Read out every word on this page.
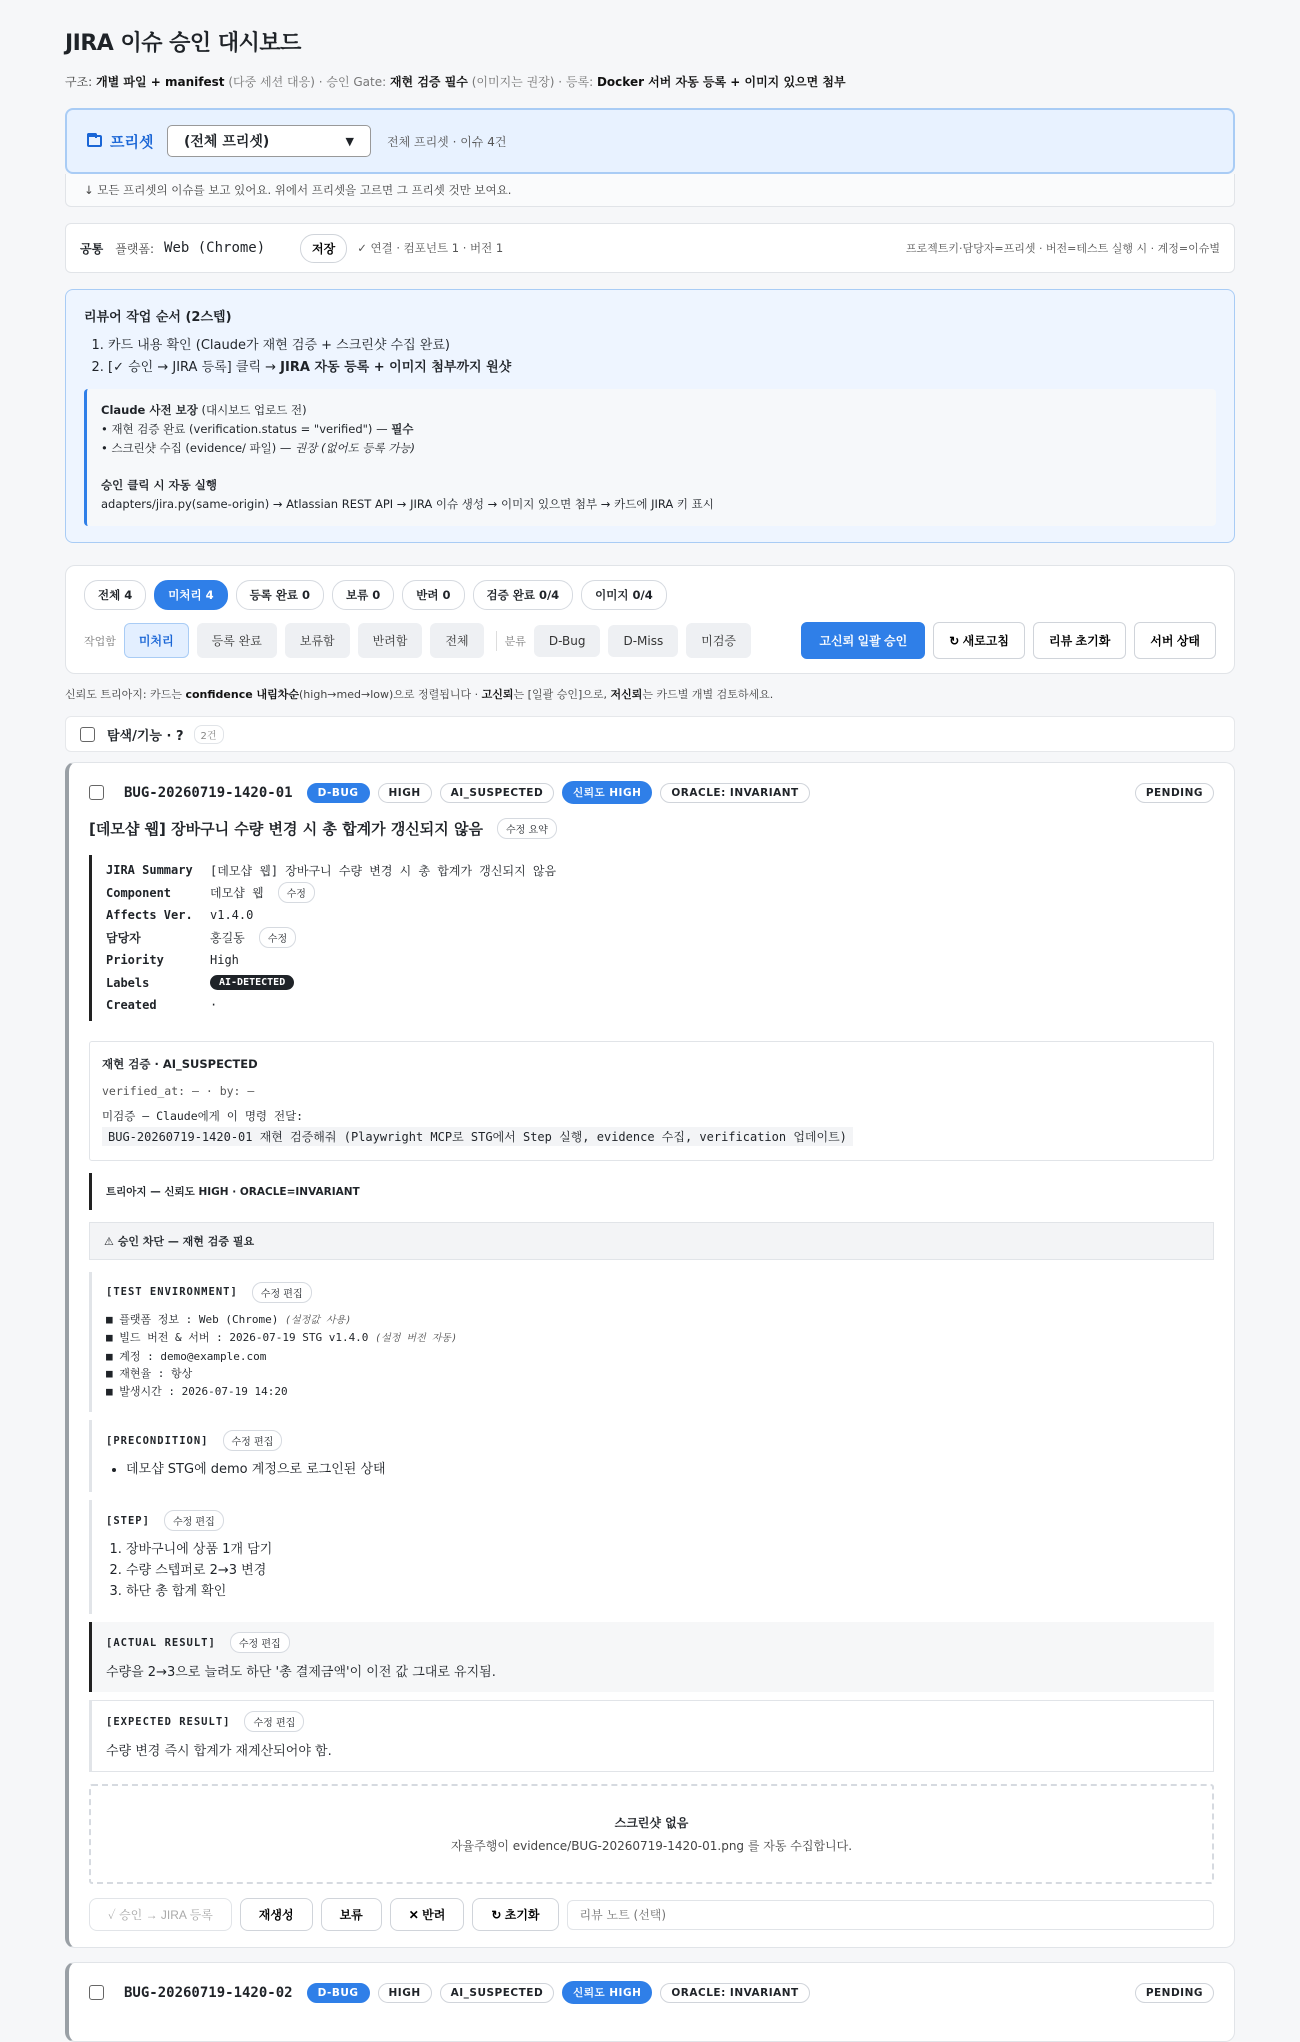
JIRA 이슈 승인 대시보드
구조: 개별 파일 + manifest (다중 세션 대응) · 승인 Gate: 재현 검증 필수 (이미지는 권장) · 등록: Docker 서버 자동 등록 + 이미지 있으면 첨부
프리셋 (전체 프리셋)	▼	전체 프리셋 · 이슈 4건
↓ 모든 프리셋의 이슈를 보고 있어요. 위에서 프리셋을 고르면 그 프리셋 것만 보여요.
공통 플랫폼: Web (Chrome)	저장	✓ 연결 · 컴포넌트 1 · 버전 1	프로젝트키·담당자=프리셋 · 버전=테스트 실행 시 · 계정=이슈별
리뷰어 작업 순서 (2스텝)
1. 카드 내용 확인 (Claude가 재현 검증 + 스크린샷 수집 완료)
2. [✓ 승인 → JIRA 등록] 클릭 → JIRA 자동 등록 + 이미지 첨부까지 원샷
Claude 사전 보장 (대시보드 업로드 전)
• 재현 검증 완료 (verification.status = "verified") — 필수
• 스크린샷 수집 (evidence/ 파일) — 권장 (없어도 등록 가능)
승인 클릭 시 자동 실행
adapters/jira.py(same-origin) → Atlassian REST API → JIRA 이슈 생성 → 이미지 있으면 첨부 → 카드에 JIRA 키 표시
전체 4	미처리 4	등록 완료 0	보류 0	반려 0	검증 완료 0/4	이미지 0/4
작업함	미처리	등록 완료	보류함	반려함	전체	분류	D-Bug	D-Miss	미검증	고신뢰 일괄 승인	↻ 새로고침	리뷰 초기화	서버 상태
신뢰도 트리아지: 카드는 confidence 내림차순(high→med→low)으로 정렬됩니다 · 고신뢰는 [일괄 승인]으로, 저신뢰는 카드별 개별 검토하세요.
탐색/기능 · ?	2건
BUG-20260719-1420-01	D-BUG	HIGH	AI_SUSPECTED	신뢰도 HIGH	ORACLE: INVARIANT	PENDING
[데모샵 웹] 장바구니 수량 변경 시 총 합계가 갱신되지 않음	수정 요약
JIRA Summary	[데모샵 웹] 장바구니 수량 변경 시 총 합계가 갱신되지 않음
Component	데모샵 웹	수정
Affects Ver.	v1.4.0
담당자	홍길동	수정
Priority	High
Labels	AI-DETECTED
Created	·
재현 검증 · AI_SUSPECTED
verified_at: — · by: —
미검증 — Claude에게 이 명령 전달:
BUG-20260719-1420-01 재현 검증해줘 (Playwright MCP로 STG에서 Step 실행, evidence 수집, verification 업데이트)
트리아지 — 신뢰도 HIGH · ORACLE=INVARIANT
⚠ 승인 차단 — 재현 검증 필요
[TEST ENVIRONMENT]	수정 편집
■ 플랫폼 정보 : Web (Chrome) (설정값 사용)
■ 빌드 버전 & 서버 : 2026-07-19 STG v1.4.0 (설정 버전 자동)
■ 계정 : demo@example.com
■ 재현율 : 항상
■ 발생시간 : 2026-07-19 14:20
[PRECONDITION]	수정 편집
• 데모샵 STG에 demo 계정으로 로그인된 상태
[STEP]	수정 편집
1. 장바구니에 상품 1개 담기
2. 수량 스텝퍼로 2→3 변경
3. 하단 총 합계 확인
[ACTUAL RESULT]	수정 편집
수량을 2→3으로 늘려도 하단 '총 결제금액'이 이전 값 그대로 유지됨.
[EXPECTED RESULT]	수정 편집
수량 변경 즉시 합계가 재계산되어야 함.
스크린샷 없음
자율주행이 evidence/BUG-20260719-1420-01.png 를 자동 수집합니다.
✓ 승인 → JIRA 등록	재생성	보류	✕ 반려	↻ 초기화
리뷰 노트 (선택)
BUG-20260719-1420-02	D-BUG	HIGH	AI_SUSPECTED	신뢰도 HIGH	ORACLE: INVARIANT	PENDING
